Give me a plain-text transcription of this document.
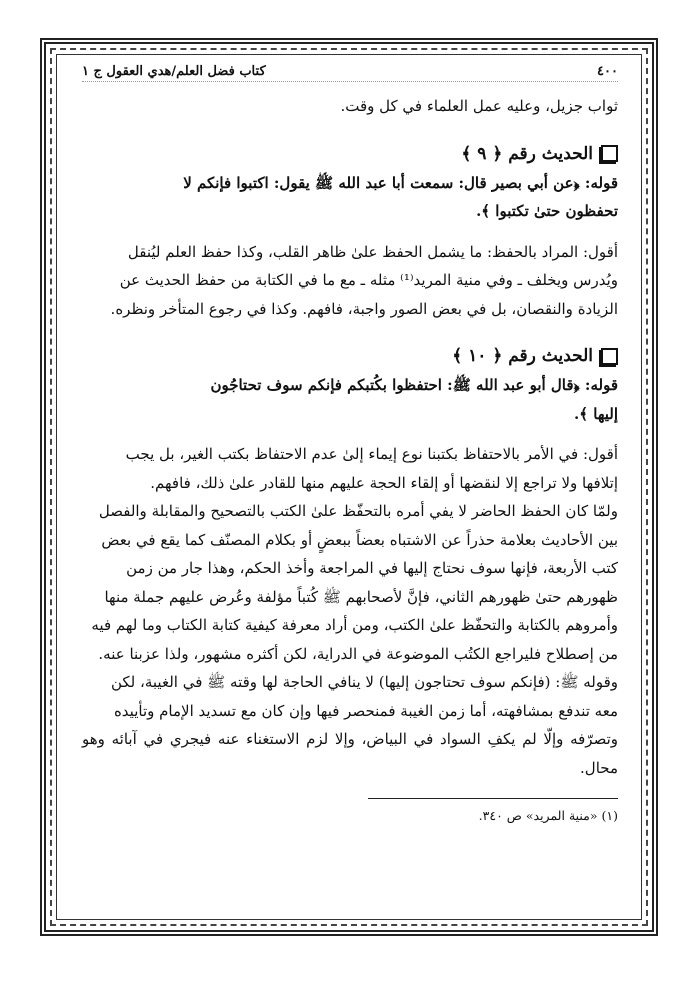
٤٠٠
كتاب فضل العلم/هدي العقول ج ١

ثواب جزيل، وعليه عمل العلماء في كل وقت.

الحديث رقم ﴿ ٩ ﴾

قوله: ﴿عن أبي بصير قال: سمعت أبا عبد الله ﷺ يقول: اكتبوا فإنكم لا

تحفظون حتىٰ تكتبوا ﴾.

أقول: المراد بالحفظ: ما يشمل الحفظ علىٰ ظاهر القلب، وكذا حفظ العلم ليُنقل

ويُدرس ويخلف ـ وفي منية المريد⁽¹⁾ مثله ـ مع ما في الكتابة من حفظ الحديث عن

الزيادة والنقصان، بل في بعض الصور واجبة، فافهم. وكذا في رجوع المتأخر ونظره.

الحديث رقم ﴿ ١٠ ﴾

قوله: ﴿قال أبو عبد الله ﷺ: احتفظوا بكُتبكم فإنكم سوف تحتاجُون

إليها ﴾.

أقول: في الأمر بالاحتفاظ بكتبنا نوع إيماء إلىٰ عدم الاحتفاظ بكتب الغير، بل يجب

إتلافها ولا تراجع إلا لنقضها أو إلقاء الحجة عليهم منها للقادر علىٰ ذلك، فافهم.

ولمّا كان الحفظ الحاضر لا يفي أمره بالتحفّظ علىٰ الكتب بالتصحيح والمقابلة والفصل

بين الأحاديث بعلامة حذراً عن الاشتباه بعضاً ببعضٍ أو بكلام المصنّف كما يقع في بعض

كتب الأربعة، فإنها سوف نحتاج إليها في المراجعة وأخذ الحكم، وهذا جار من زمن

ظهورهم حتىٰ ظهورهم الثاني، فإنَّ لأصحابهم ﷺ كُتباً مؤلفة وعُرض عليهم جملة منها

وأمروهم بالكتابة والتحفّظ علىٰ الكتب، ومن أراد معرفة كيفية كتابة الكتاب وما لهم فيه

من إصطلاح فليراجع الكتُب الموضوعة في الدراية، لكن أكثره مشهور، ولذا عزبنا عنه.

وقوله ﷺ: (فإنكم سوف تحتاجون إليها) لا ينافي الحاجة لها وقته ﷺ في الغيبة، لكن

معه تندفع بمشافهته، أما زمن الغيبة فمنحصر فيها وإن كان مع تسديد الإمام وتأييده

وتصرّفه وإلّا لم يكفِ السواد في البياض، وإلا لزم الاستغناء عنه فيجري في آبائه وهو محال.

(١) «منية المريد» ص ٣٤٠.
